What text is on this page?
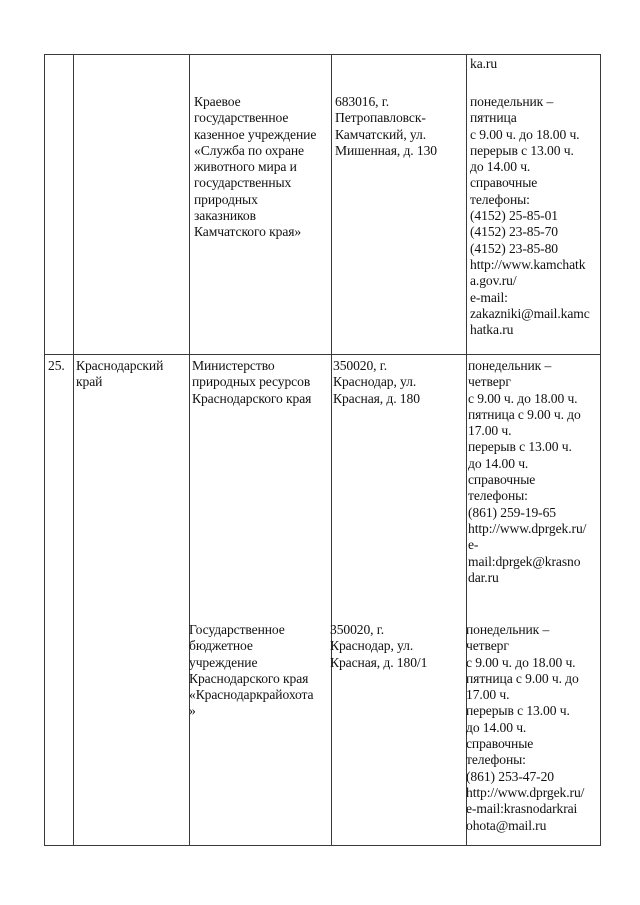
ka.ru
Краевое
государственное
казенное учреждение
«Служба по охране
животного мира и
государственных
природных
заказников
Камчатского края»
683016, г.
Петропавловск-
Камчатский, ул.
Мишенная, д. 130
понедельник –
пятница
с 9.00 ч. до 18.00 ч.
перерыв с 13.00 ч.
до 14.00 ч.
справочные
телефоны:
(4152) 25-85-01
(4152) 23-85-70
(4152) 23-85-80
http://www.kamchatk
a.gov.ru/
e-mail:
zakazniki@mail.kamc
hatka.ru
25. Краснодарский
край
Министерство
природных ресурсов
Краснодарского края
350020, г.
Краснодар, ул.
Красная, д. 180
понедельник –
четверг
с 9.00 ч. до 18.00 ч.
пятница с 9.00 ч. до
17.00 ч.
перерыв с 13.00 ч.
до 14.00 ч.
справочные
телефоны:
(861) 259-19-65
http://www.dprgek.ru/
e-
mail:dprgek@krasno
dar.ru
Государственное
бюджетное
учреждение
Краснодарского края
«Краснодаркрайохота
»
350020, г.
Краснодар, ул.
Красная, д. 180/1
понедельник –
четверг
с 9.00 ч. до 18.00 ч.
пятница с 9.00 ч. до
17.00 ч.
перерыв с 13.00 ч.
до 14.00 ч.
справочные
телефоны:
(861) 253-47-20
http://www.dprgek.ru/
e-mail:krasnodarkrai
ohota@mail.ru
